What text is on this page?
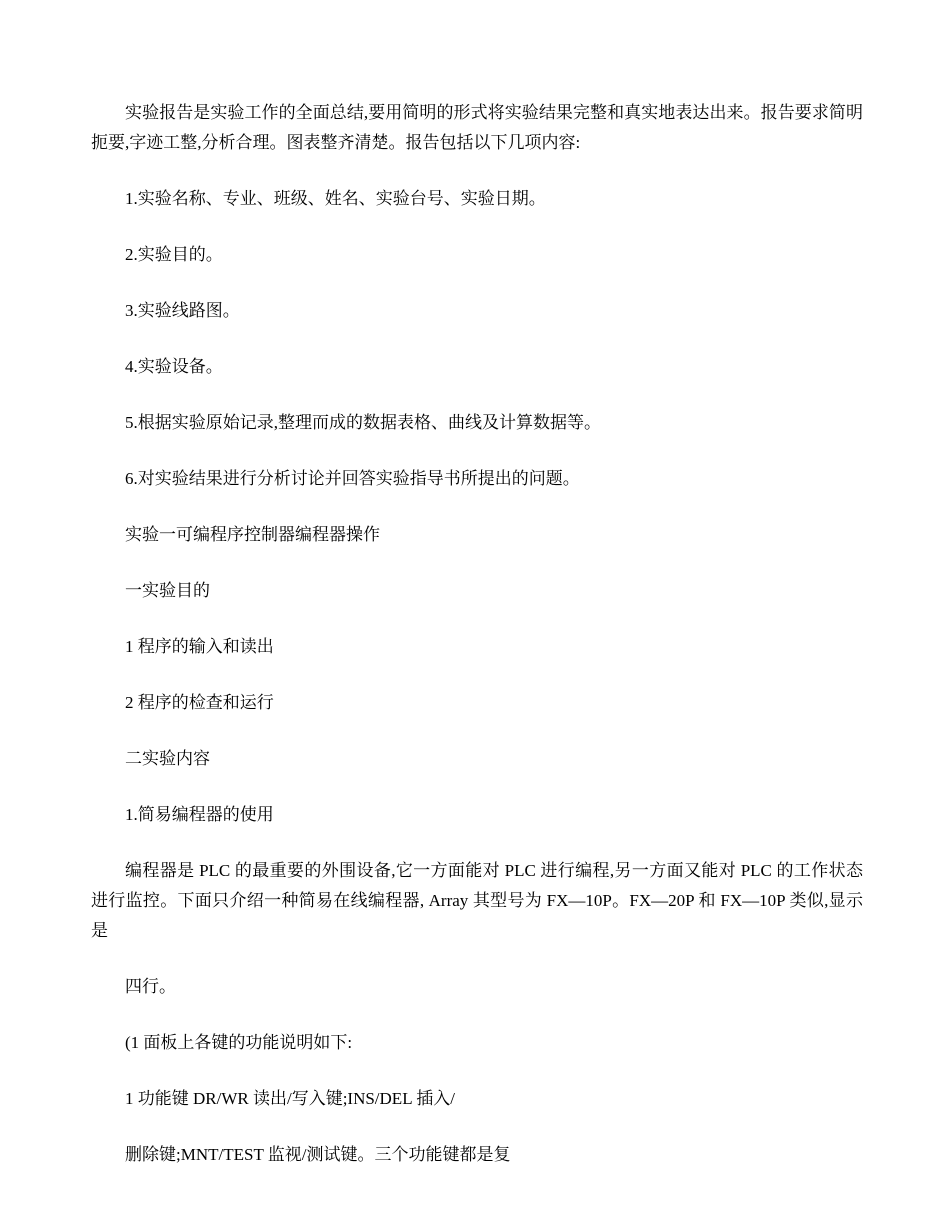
实验报告是实验工作的全面总结,要用简明的形式将实验结果完整和真实地表达出来。报告要求简明扼要,字迹工整,分析合理。图表整齐清楚。报告包括以下几项内容:

1.实验名称、专业、班级、姓名、实验台号、实验日期。

2.实验目的。

3.实验线路图。

4.实验设备。

5.根据实验原始记录,整理而成的数据表格、曲线及计算数据等。

6.对实验结果进行分析讨论并回答实验指导书所提出的问题。

实验一可编程序控制器编程器操作

一实验目的

1 程序的输入和读出

2 程序的检查和运行

二实验内容

1.简易编程器的使用

编程器是 PLC 的最重要的外围设备,它一方面能对 PLC 进行编程,另一方面又能对 PLC 的工作状态进行监控。下面只介绍一种简易在线编程器, Array 其型号为 FX—10P。FX—20P 和 FX—10P 类似,显示是

四行。

(1 面板上各键的功能说明如下:

1 功能键 DR/WR 读出/写入键;INS/DEL 插入/

删除键;MNT/TEST 监视/测试键。三个功能键都是复
